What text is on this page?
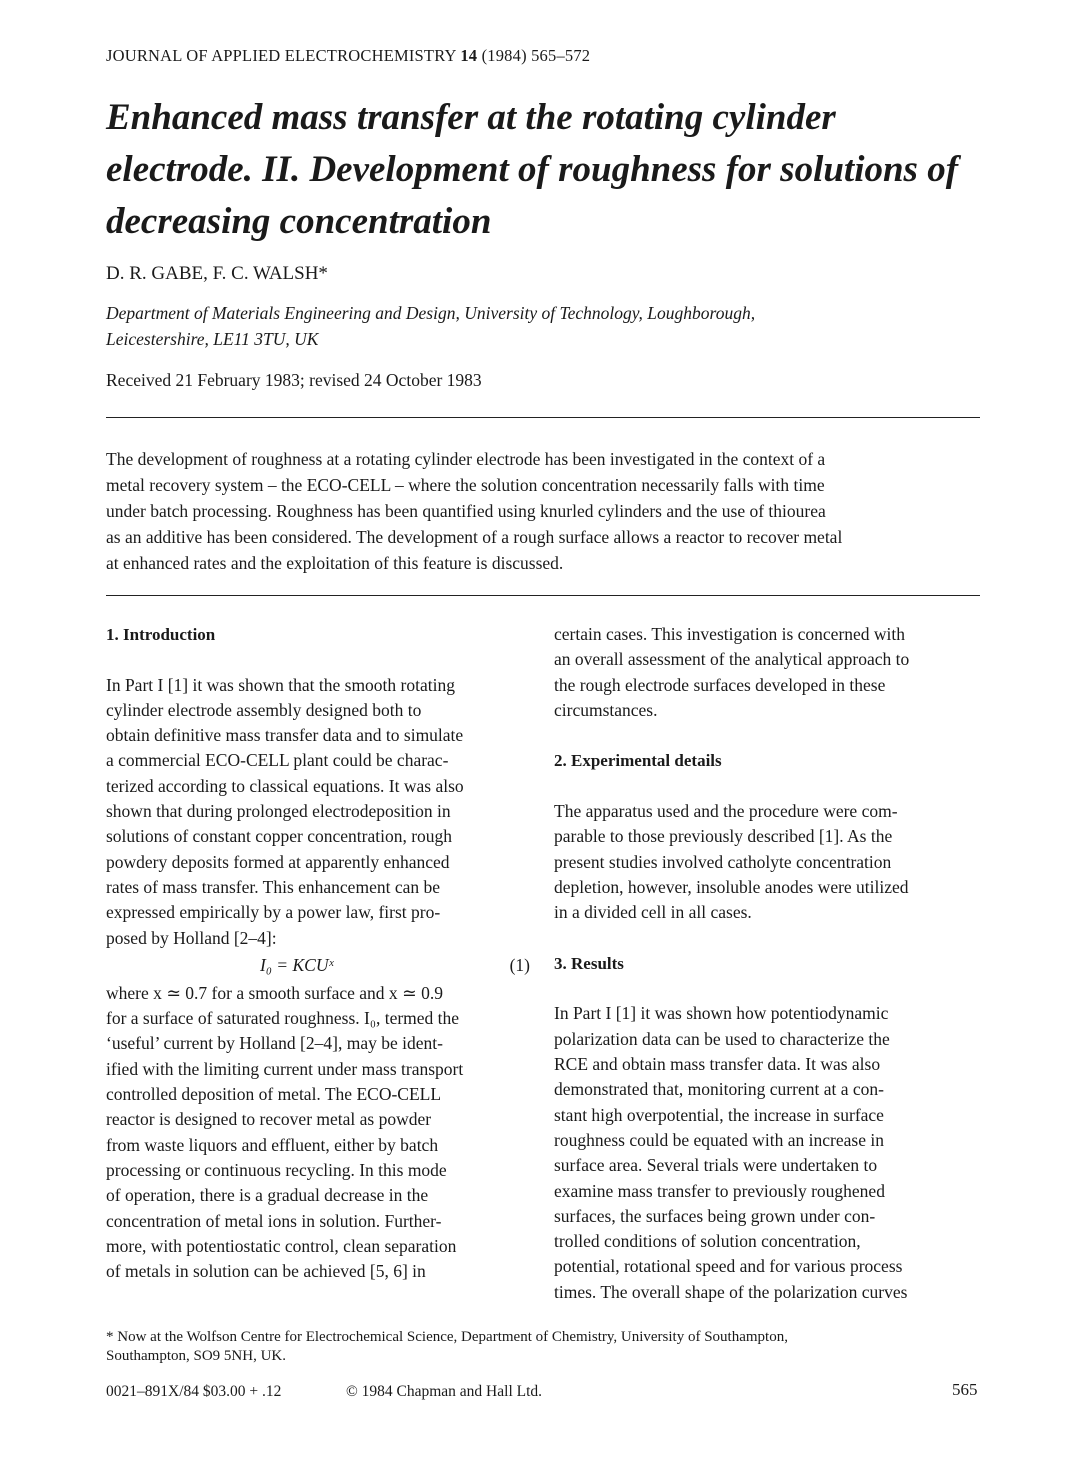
JOURNAL OF APPLIED ELECTROCHEMISTRY 14 (1984) 565–572
Enhanced mass transfer at the rotating cylinder
electrode. II. Development of roughness for solutions of
decreasing concentration
D. R. GABE, F. C. WALSH*
Department of Materials Engineering and Design, University of Technology, Loughborough,
Leicestershire, LE11 3TU, UK
Received 21 February 1983; revised 24 October 1983
The development of roughness at a rotating cylinder electrode has been investigated in the context of a
metal recovery system – the ECO-CELL – where the solution concentration necessarily falls with time
under batch processing. Roughness has been quantified using knurled cylinders and the use of thiourea
as an additive has been considered. The development of a rough surface allows a reactor to recover metal
at enhanced rates and the exploitation of this feature is discussed.
1. Introduction
In Part I [1] it was shown that the smooth rotating
cylinder electrode assembly designed both to
obtain definitive mass transfer data and to simulate
a commercial ECO-CELL plant could be charac-
terized according to classical equations. It was also
shown that during prolonged electrodeposition in
solutions of constant copper concentration, rough
powdery deposits formed at apparently enhanced
rates of mass transfer. This enhancement can be
expressed empirically by a power law, first pro-
posed by Holland [2–4]:
I₀ = KCUˣ	(1)
where x ≃ 0.7 for a smooth surface and x ≃ 0.9
for a surface of saturated roughness. I₀, termed the
‘useful’ current by Holland [2–4], may be ident-
ified with the limiting current under mass transport
controlled deposition of metal. The ECO-CELL
reactor is designed to recover metal as powder
from waste liquors and effluent, either by batch
processing or continuous recycling. In this mode
of operation, there is a gradual decrease in the
concentration of metal ions in solution. Further-
more, with potentiostatic control, clean separation
of metals in solution can be achieved [5, 6] in
certain cases. This investigation is concerned with
an overall assessment of the analytical approach to
the rough electrode surfaces developed in these
circumstances.
2. Experimental details
The apparatus used and the procedure were com-
parable to those previously described [1]. As the
present studies involved catholyte concentration
depletion, however, insoluble anodes were utilized
in a divided cell in all cases.
3. Results
In Part I [1] it was shown how potentiodynamic
polarization data can be used to characterize the
RCE and obtain mass transfer data. It was also
demonstrated that, monitoring current at a con-
stant high overpotential, the increase in surface
roughness could be equated with an increase in
surface area. Several trials were undertaken to
examine mass transfer to previously roughened
surfaces, the surfaces being grown under con-
trolled conditions of solution concentration,
potential, rotational speed and for various process
times. The overall shape of the polarization curves
* Now at the Wolfson Centre for Electrochemical Science, Department of Chemistry, University of Southampton,
Southampton, SO9 5NH, UK.
0021–891X/84 $03.00 + .12	© 1984 Chapman and Hall Ltd.	565
